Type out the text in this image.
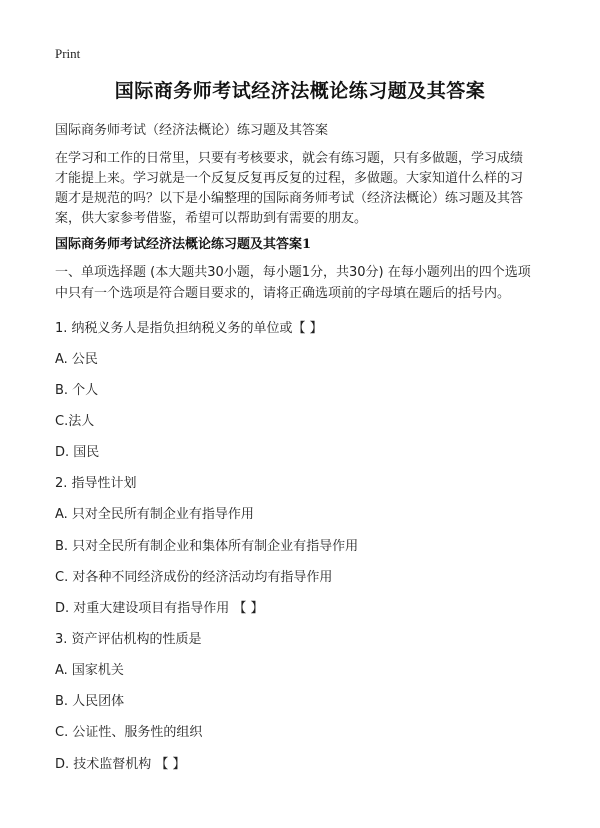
Print
国际商务师考试经济法概论练习题及其答案
国际商务师考试（经济法概论）练习题及其答案
在学习和工作的日常里，只要有考核要求，就会有练习题，只有多做题，学习成绩
才能提上来。学习就是一个反复反复再反复的过程，多做题。大家知道什么样的习
题才是规范的吗？以下是小编整理的国际商务师考试（经济法概论）练习题及其答
案，供大家参考借鉴，希望可以帮助到有需要的朋友。
国际商务师考试经济法概论练习题及其答案1
一、单项选择题 (本大题共30小题，每小题1分，共30分) 在每小题列出的四个选项
中只有一个选项是符合题目要求的，请将正确选项前的字母填在题后的括号内。
1. 纳税义务人是指负担纳税义务的单位或【 】
A. 公民
B. 个人
C.法人
D. 国民
2. 指导性计划
A. 只对全民所有制企业有指导作用
B. 只对全民所有制企业和集体所有制企业有指导作用
C. 对各种不同经济成份的经济活动均有指导作用
D. 对重大建设项目有指导作用 【 】
3. 资产评估机构的性质是
A. 国家机关
B. 人民团体
C. 公证性、服务性的组织
D. 技术监督机构 【 】
